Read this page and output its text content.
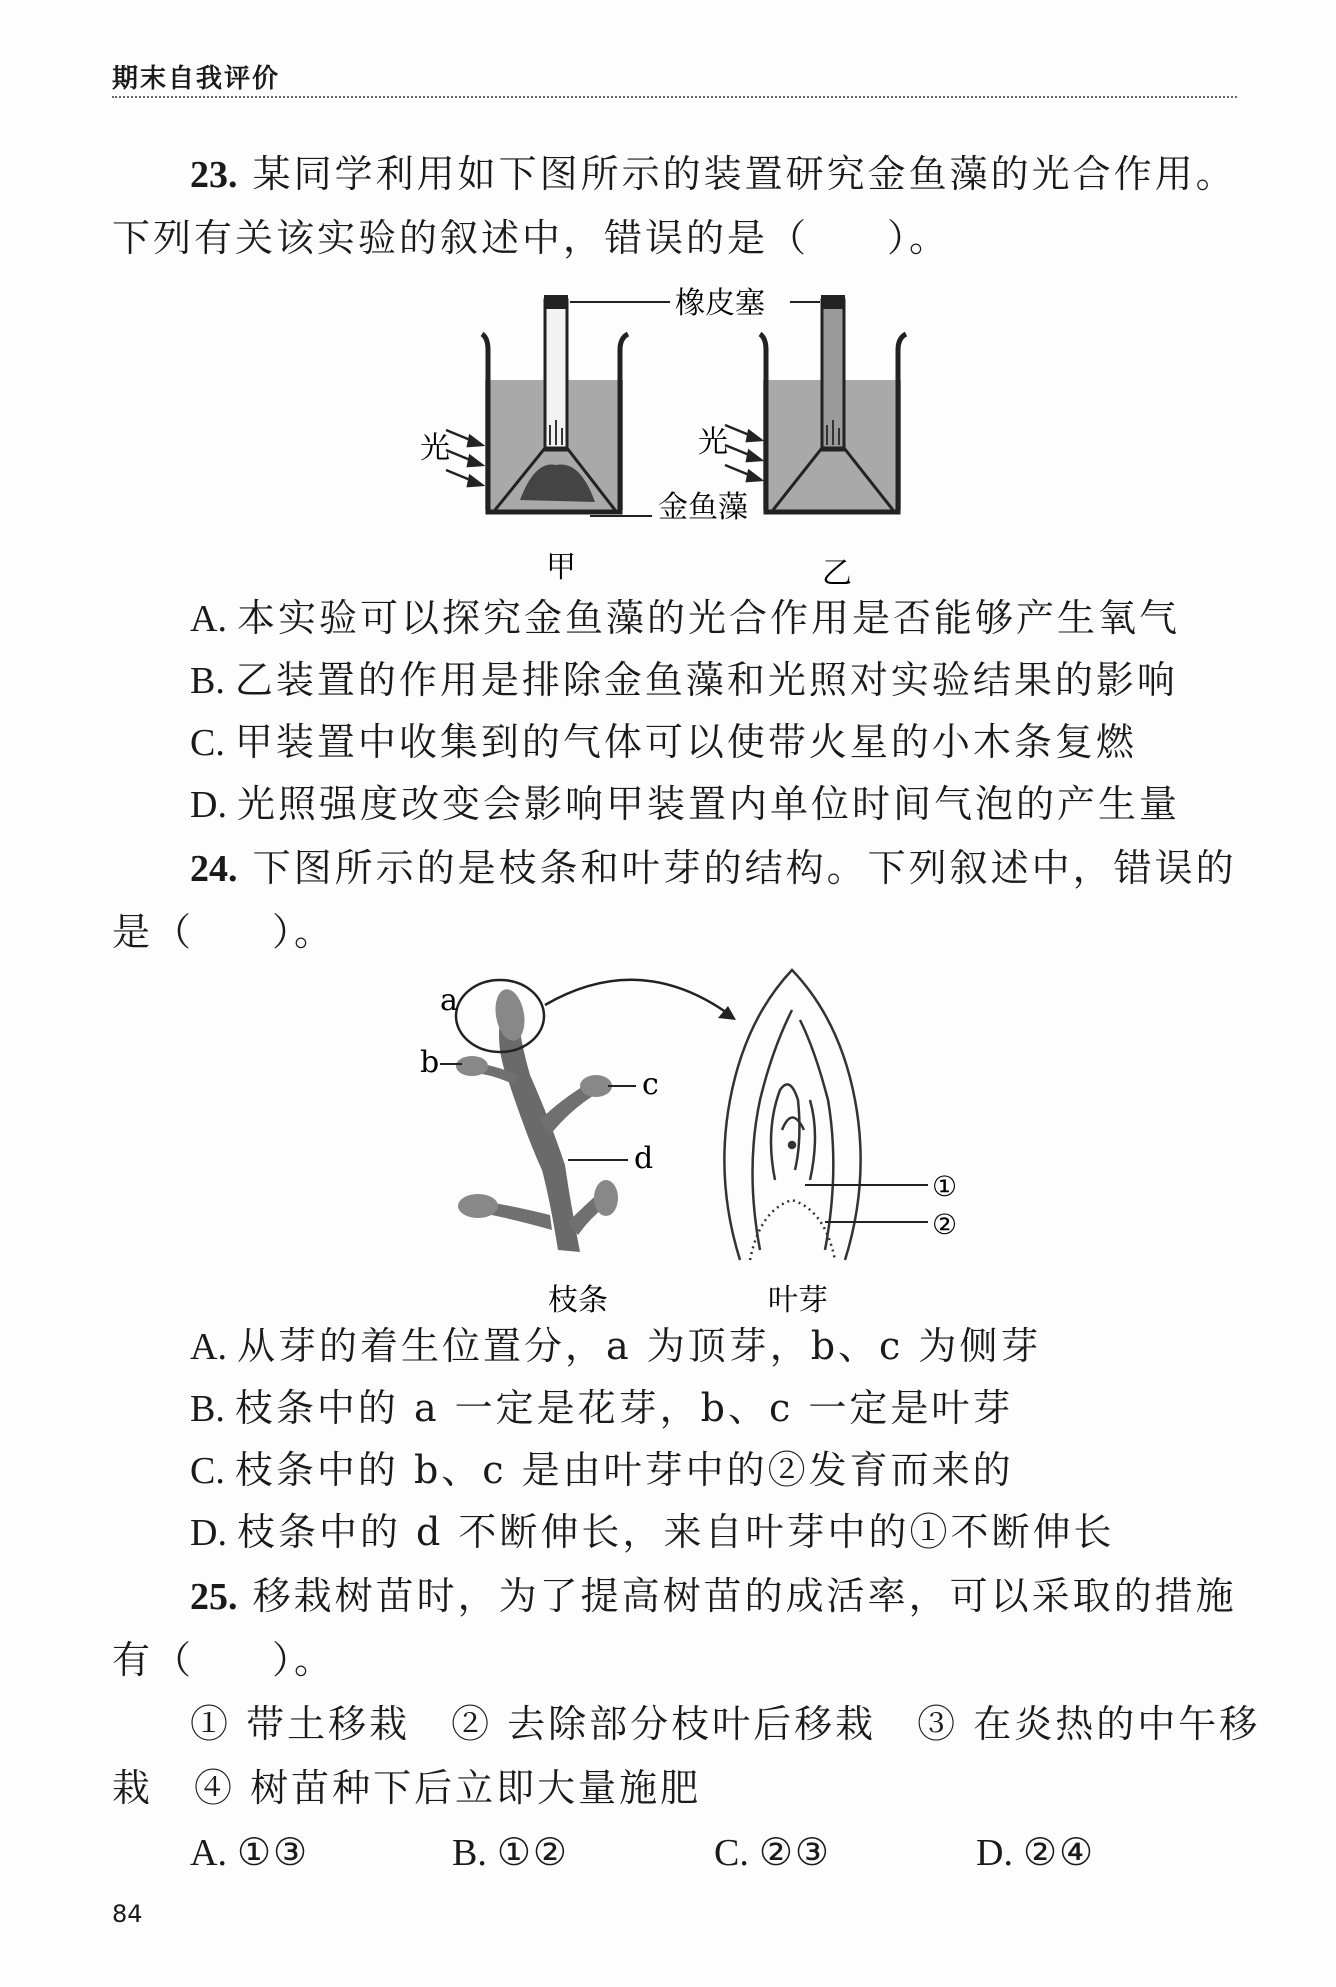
期末自我评价
23. 某同学利用如下图所示的装置研究金鱼藻的光合作用。
下列有关该实验的叙述中，错误的是（ ）。
光	光
橡皮塞
金鱼藻
甲	乙
A. 本实验可以探究金鱼藻的光合作用是否能够产生氧气
B. 乙装置的作用是排除金鱼藻和光照对实验结果的影响
C. 甲装置中收集到的气体可以使带火星的小木条复燃
D. 光照强度改变会影响甲装置内单位时间气泡的产生量
24. 下图所示的是枝条和叶芽的结构。下列叙述中，错误的
是（ ）。
a
b
c
d
①
②
枝条	叶芽
A. 从芽的着生位置分，a 为顶芽，b、c 为侧芽
B. 枝条中的 a 一定是花芽，b、c 一定是叶芽
C. 枝条中的 b、c 是由叶芽中的②发育而来的
D. 枝条中的 d 不断伸长，来自叶芽中的①不断伸长
25. 移栽树苗时，为了提高树苗的成活率，可以采取的措施
有（ ）。
① 带土移栽　② 去除部分枝叶后移栽　③ 在炎热的中午移
栽　④ 树苗种下后立即大量施肥
A. ①③	B. ①②	C. ②③	D. ②④
84
